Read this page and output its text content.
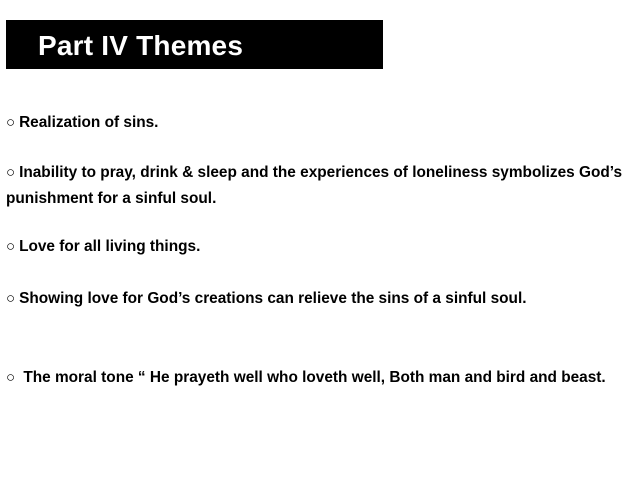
Part IV Themes
○ Realization of sins.
○ Inability to pray, drink & sleep and the experiences of loneliness symbolizes God’s punishment for a sinful soul.
○ Love for all living things.
○ Showing love for God’s creations can relieve the sins of a sinful soul.
○ The moral tone “ He prayeth well who loveth well, Both man and bird and beast.
